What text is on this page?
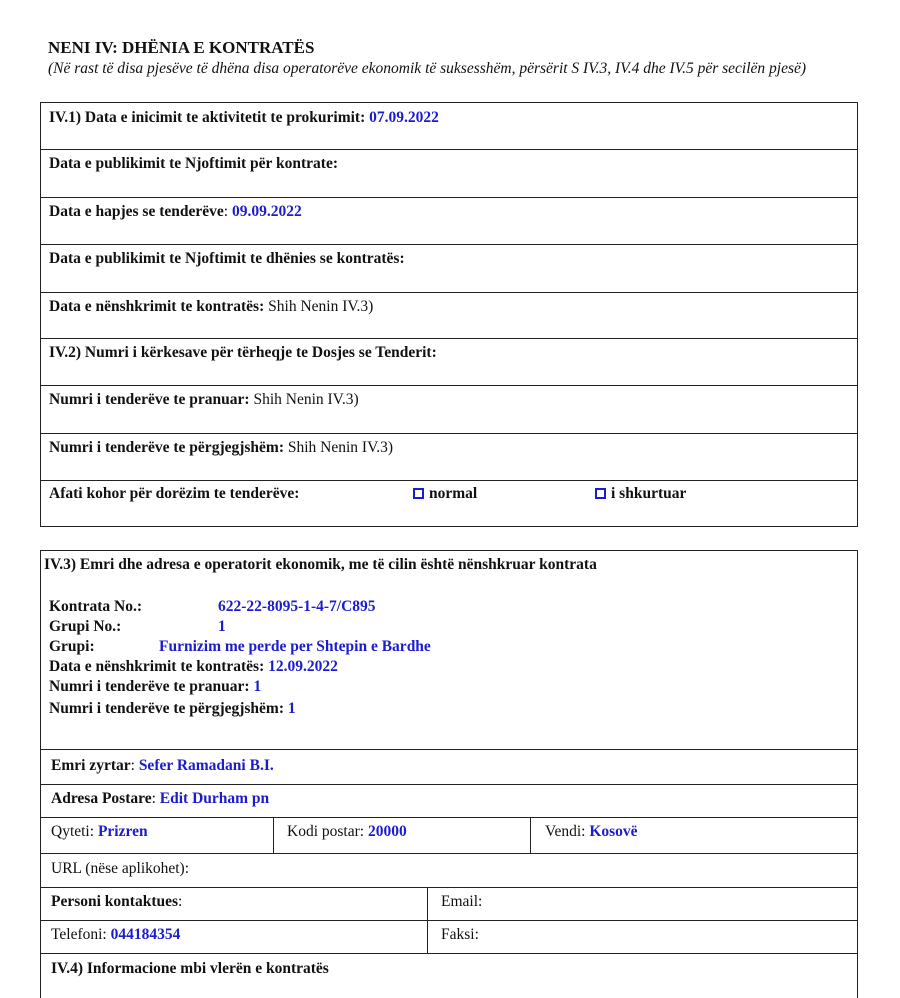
NENI IV: DHËNIA E KONTRATËS
(Në rast të disa pjesëve të dhëna disa operatorëve ekonomik të suksesshëm, përsërit S IV.3, IV.4 dhe IV.5 për secilën pjesë)
IV.1) Data e inicimit te aktivitetit te prokurimit: 07.09.2022
Data e publikimit te Njoftimit për kontrate:
Data e hapjes se tenderëve: 09.09.2022
Data e publikimit te Njoftimit te dhënies se kontratës:
Data e nënshkrimit te kontratës: Shih Nenin IV.3)
IV.2) Numri i kërkesave për tërheqje te Dosjes se Tenderit:
Numri i tenderëve te pranuar: Shih Nenin IV.3)
Numri i tenderëve te përgjegjshëm: Shih Nenin IV.3)
Afati kohor për dorëzim te tenderëve:	normal	i shkurtuar
IV.3) Emri dhe adresa e operatorit ekonomik, me të cilin është nënshkruar kontrata
Kontrata No.:	622-22-8095-1-4-7/C895
Grupi No.:	1
Grupi:	Furnizim me perde per Shtepin e Bardhe
Data e nënshkrimit te kontratës: 12.09.2022
Numri i tenderëve te pranuar: 1
Numri i tenderëve te përgjegjshëm: 1
Emri zyrtar: Sefer Ramadani B.I.
Adresa Postare: Edit Durham pn
Qyteti: Prizren	Kodi postar: 20000	Vendi: Kosovë
URL (nëse aplikohet):
Personi kontaktues:	Email:
Telefoni: 044184354	Faksi:
IV.4) Informacione mbi vlerën e kontratës
